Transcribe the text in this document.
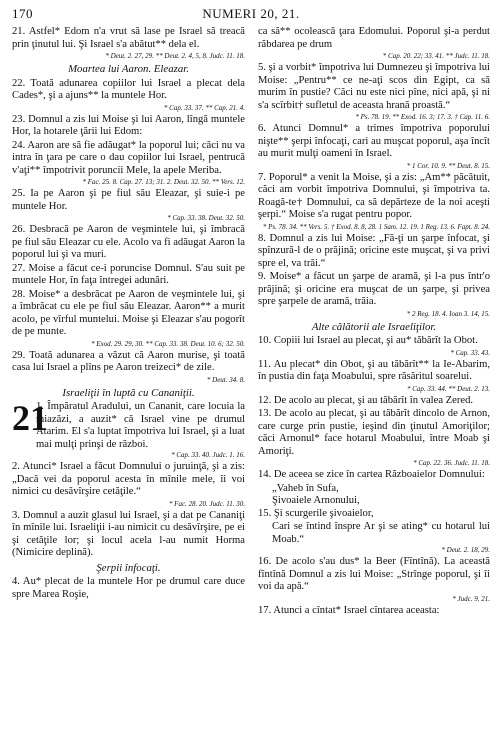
170	NUMERI 20, 21.
21. Astfel* Edom n'a vrut să lase pe Israel să treacă prin ţinutul lui. Şi Israel s'a abătut** dela el.
* Deut. 2. 27, 29. ** Deut. 2. 4, 5, 8. Judc. 11. 18.
Moartea lui Aaron. Eleazar.
22. Toată adunarea copiilor lui Israel a plecat dela Cades*, şi a ajuns** la muntele Hor.
* Cap. 33. 37. ** Cap. 21. 4.
23. Domnul a zis lui Moise şi lui Aaron, lîngă muntele Hor, la hotarele ţării lui Edom:
24. Aaron are să fie adăugat* la poporul lui; căci nu va intra în ţara pe care o dau copiilor lui Israel, pentrucă v'aţi** împotrivit poruncii Mele, la apele Meriba.
* Fac. 25. 8. Cap. 27. 13; 31. 2. Deut. 32. 50. ** Vers. 12.
25. Ia pe Aaron şi pe fiul său Eleazar, şi suie-i pe muntele Hor.
* Cap. 33. 38. Deut. 32. 50.
26. Desbracă pe Aaron de veşmintele lui, şi îmbracă pe fiul său Eleazar cu ele. Acolo va fi adăugat Aaron la poporul lui şi va muri.
27. Moise a făcut ce-i poruncise Domnul. S'au suit pe muntele Hor, în faţa întregei adunări.
28. Moise* a desbrăcat pe Aaron de veşmintele lui, şi a îmbrăcat cu ele pe fiul său Eleazar. Aaron** a murit acolo, pe vîrful muntelui. Moise şi Eleazar s'au pogorît de pe munte.
* Exod. 29. 29, 30. ** Cap. 33. 38. Deut. 10. 6; 32. 50.
29. Toată adunarea a văzut că Aaron murise, şi toată casa lui Israel a plîns pe Aaron treizeci* de zile.
* Deut. 34. 8.
Israeliţii în luptă cu Cananiţii.
21
1. Împăratul Aradului, un Cananit, care locuia la miazăzi, a auzit* că Israel vine pe drumul Atarim. El s'a luptat împotriva lui Israel, şi a luat mai mulţi prinşi de război.
* Cap. 33. 40. Judc. 1. 16.
2. Atunci* Israel a făcut Domnului o juruinţă, şi a zis: „Dacă vei da poporul acesta în mînile mele, îi voi nimici cu desăvîrşire cetăţile.“
* Fac. 28. 20. Judc. 11. 30.
3. Domnul a auzit glasul lui Israel, şi a dat pe Cananiţi în mînile lui. Israeliţii i-au nimicit cu desăvîrşire, pe ei şi cetăţile lor; şi locul acela l-au numit Horma (Nimicire deplină).
Şerpii înfocaţi.
4. Au* plecat de la muntele Hor pe drumul care duce spre Marea Roşie,
ca să** ocolească ţara Edomului. Poporul şi-a perdut răbdarea pe drum
* Cap. 20. 22; 33. 41. ** Judc. 11. 18.
5. şi a vorbit* împotriva lui Dumnezeu şi împotriva lui Moise: „Pentru** ce ne-aţi scos din Egipt, ca să murim în pustie? Căci nu este nici pîne, nici apă, şi ni s'a scîrbit† sufletul de aceasta hrană proastă.“
* Ps. 78. 19. ** Exod. 16. 3; 17. 3. † Cap. 11. 6.
6. Atunci Domnul* a trimes împotriva poporului nişte** şerpi înfocaţi, cari au muşcat poporul, aşa încît au murit mulţi oameni în Israel.
* 1 Cor. 10. 9. ** Deut. 8. 15.
7. Poporul* a venit la Moise, şi a zis: „Am** păcătuit, căci am vorbit împotriva Domnului, şi împotriva ta. Roagă-te† Domnului, ca să depărteze de la noi aceşti şerpi.“ Moise s'a rugat pentru popor.
* Ps. 78. 34. ** Vers. 5. † Exod. 8. 8, 28. 1 Sam. 12. 19. 1 Reg. 13. 6. Fapt. 8. 24.
8. Domnul a zis lui Moise: „Fă-ţi un şarpe înfocat, şi spînzură-l de o prăjină; oricine este muşcat, şi va privi spre el, va trăi.“
9. Moise* a făcut un şarpe de aramă, şi l-a pus într'o prăjină; şi oricine era muşcat de un şarpe, şi privea spre şarpele de aramă, trăia.
* 2 Reg. 18. 4. Ioan 3. 14, 15.
Alte călătorii ale Israeliţilor.
10. Copiii lui Israel au plecat, şi au* tăbărît la Obot.
* Cap. 33. 43.
11. Au plecat* din Obot, şi au tăbărît** la Ie-Abarim, în pustia din faţa Moabului, spre răsăritul soarelui.
* Cap. 33. 44. ** Deut. 2. 13.
12. De acolo au plecat, şi au tăbărît în valea Zered.
13. De acolo au plecat, şi au tăbărît dincolo de Arnon, care curge prin pustie, ieşind din ţinutul Amoriţilor; căci Arnonul* face hotarul Moabului, între Moab şi Amoriţi.
* Cap. 22. 36. Judc. 11. 18.
14. De aceea se zice în cartea Războaielor Domnului:
„Vaheb în Sufa,
Şivoaiele Arnonului,
15. Şi scurgerile şivoaielor,
Cari se întind înspre Ar şi se ating* cu hotarul lui Moab.“
* Deut. 2. 18, 29.
16. De acolo s'au dus* la Beer (Fîntînă). La această fîntînă Domnul a zis lui Moise: „Strînge poporul, şi îi voi da apă.“
* Judc. 9. 21.
17. Atunci a cîntat* Israel cîntarea aceasta:
